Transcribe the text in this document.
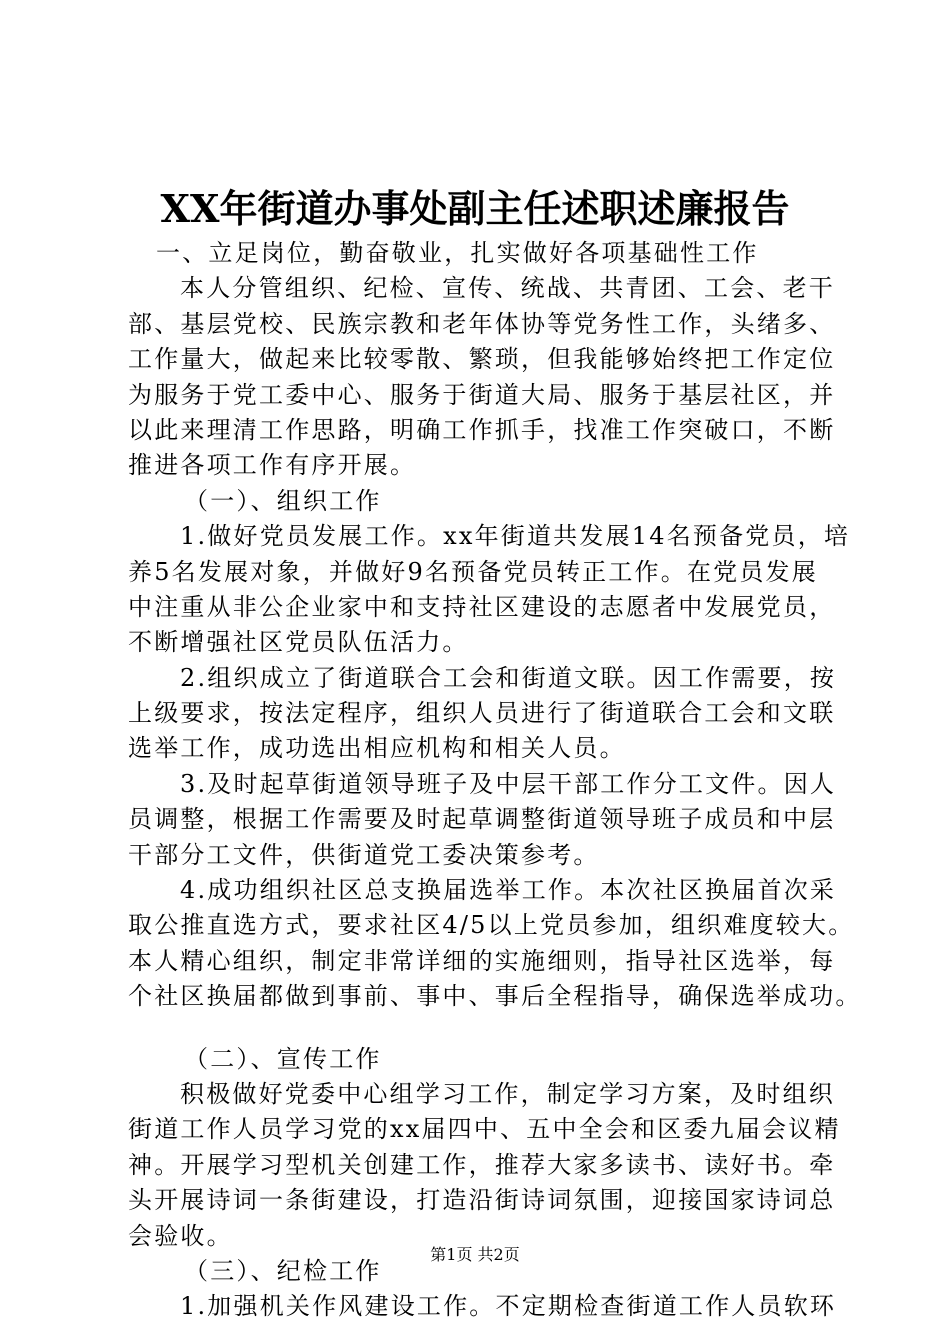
XX年街道办事处副主任述职述廉报告
一、立足岗位，勤奋敬业，扎实做好各项基础性工作
本人分管组织、纪检、宣传、统战、共青团、工会、老干
部、基层党校、民族宗教和老年体协等党务性工作，头绪多、
工作量大，做起来比较零散、繁琐，但我能够始终把工作定位
为服务于党工委中心、服务于街道大局、服务于基层社区，并
以此来理清工作思路，明确工作抓手，找准工作突破口，不断
推进各项工作有序开展。
（一）、组织工作
1.做好党员发展工作。xx年街道共发展14名预备党员，培
养5名发展对象，并做好9名预备党员转正工作。在党员发展
中注重从非公企业家中和支持社区建设的志愿者中发展党员，
不断增强社区党员队伍活力。
2.组织成立了街道联合工会和街道文联。因工作需要，按
上级要求，按法定程序，组织人员进行了街道联合工会和文联
选举工作，成功选出相应机构和相关人员。
3.及时起草街道领导班子及中层干部工作分工文件。因人
员调整，根据工作需要及时起草调整街道领导班子成员和中层
干部分工文件，供街道党工委决策参考。
4.成功组织社区总支换届选举工作。本次社区换届首次采
取公推直选方式，要求社区4/5以上党员参加，组织难度较大。
本人精心组织，制定非常详细的实施细则，指导社区选举，每
个社区换届都做到事前、事中、事后全程指导，确保选举成功。
（二）、宣传工作
积极做好党委中心组学习工作，制定学习方案，及时组织
街道工作人员学习党的xx届四中、五中全会和区委九届会议精
神。开展学习型机关创建工作，推荐大家多读书、读好书。牵
头开展诗词一条街建设，打造沿街诗词氛围，迎接国家诗词总
会验收。
（三）、纪检工作
1.加强机关作风建设工作。不定期检查街道工作人员软环
第1页 共2页
